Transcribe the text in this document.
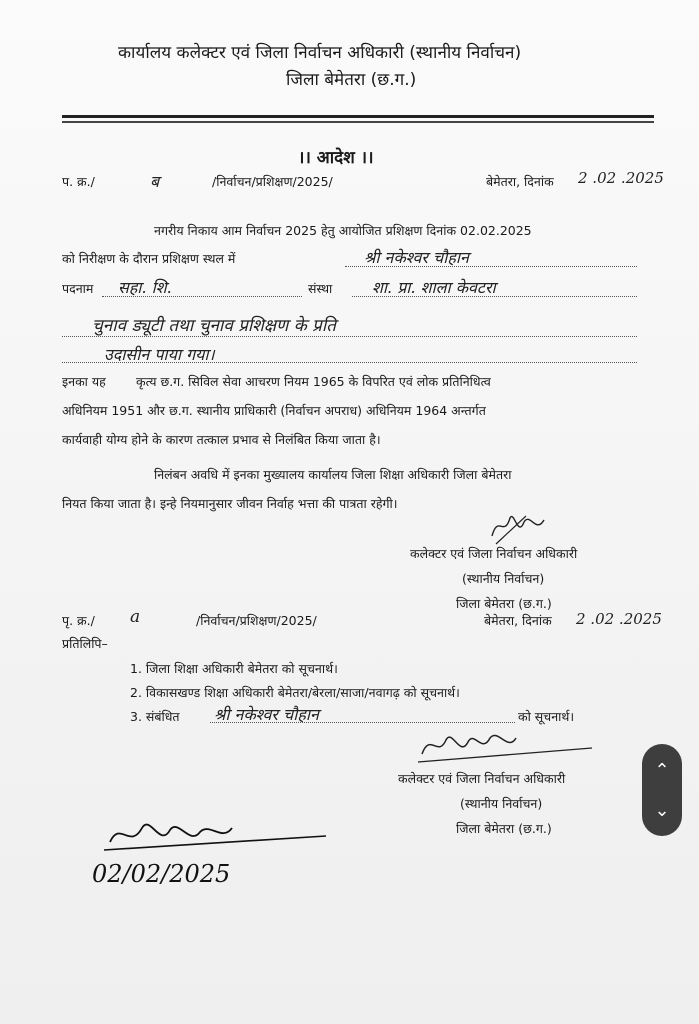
कार्यालय कलेक्टर एवं जिला निर्वाचन अधिकारी (स्थानीय निर्वाचन)
जिला बेमेतरा (छ.ग.)
।। आदेश ।।
प. क्र./	ब	/निर्वाचन/प्रशिक्षण/2025/	बेमेतरा, दिनांक 2 .02 .2025
नगरीय निकाय आम निर्वाचन 2025 हेतु आयोजित प्रशिक्षण दिनांक 02.02.2025
को निरीक्षण के दौरान प्रशिक्षण स्थल में	श्री नकेश्वर चौहान
पदनाम सहा. शि.	संस्था शा. प्रा. शाला केवटरा
चुनाव ड्यूटी तथा चुनाव प्रशिक्षण के प्रति
उदासीन पाया गया।
इनका यह कृत्य छ.ग. सिविल सेवा आचरण नियम 1965 के विपरित एवं लोक प्रतिनिधित्व
अधिनियम 1951 और छ.ग. स्थानीय प्राधिकारी (निर्वाचन अपराध) अधिनियम 1964 अन्तर्गत
कार्यवाही योग्य होने के कारण तत्काल प्रभाव से निलंबित किया जाता है।
निलंबन अवधि में इनका मुख्यालय कार्यालय जिला शिक्षा अधिकारी जिला बेमेतरा
नियत किया जाता है। इन्हे नियमानुसार जीवन निर्वाह भत्ता की पात्रता रहेगी।
कलेक्टर एवं जिला निर्वाचन अधिकारी
(स्थानीय निर्वाचन)
जिला बेमेतरा (छ.ग.)
पृ. क्र./ a	/निर्वाचन/प्रशिक्षण/2025/	बेमेतरा, दिनांक 2 .02 .2025
प्रतिलिपि–
1. जिला शिक्षा अधिकारी बेमेतरा को सूचनार्थ।
2. विकासखण्ड शिक्षा अधिकारी बेमेतरा/बेरला/साजा/नवागढ़ को सूचनार्थ।
3. संबंधित श्री नकेश्वर चौहान	को सूचनार्थ।
कलेक्टर एवं जिला निर्वाचन अधिकारी
(स्थानीय निर्वाचन)
जिला बेमेतरा (छ.ग.)
02/02/2025
⌃
⌄
